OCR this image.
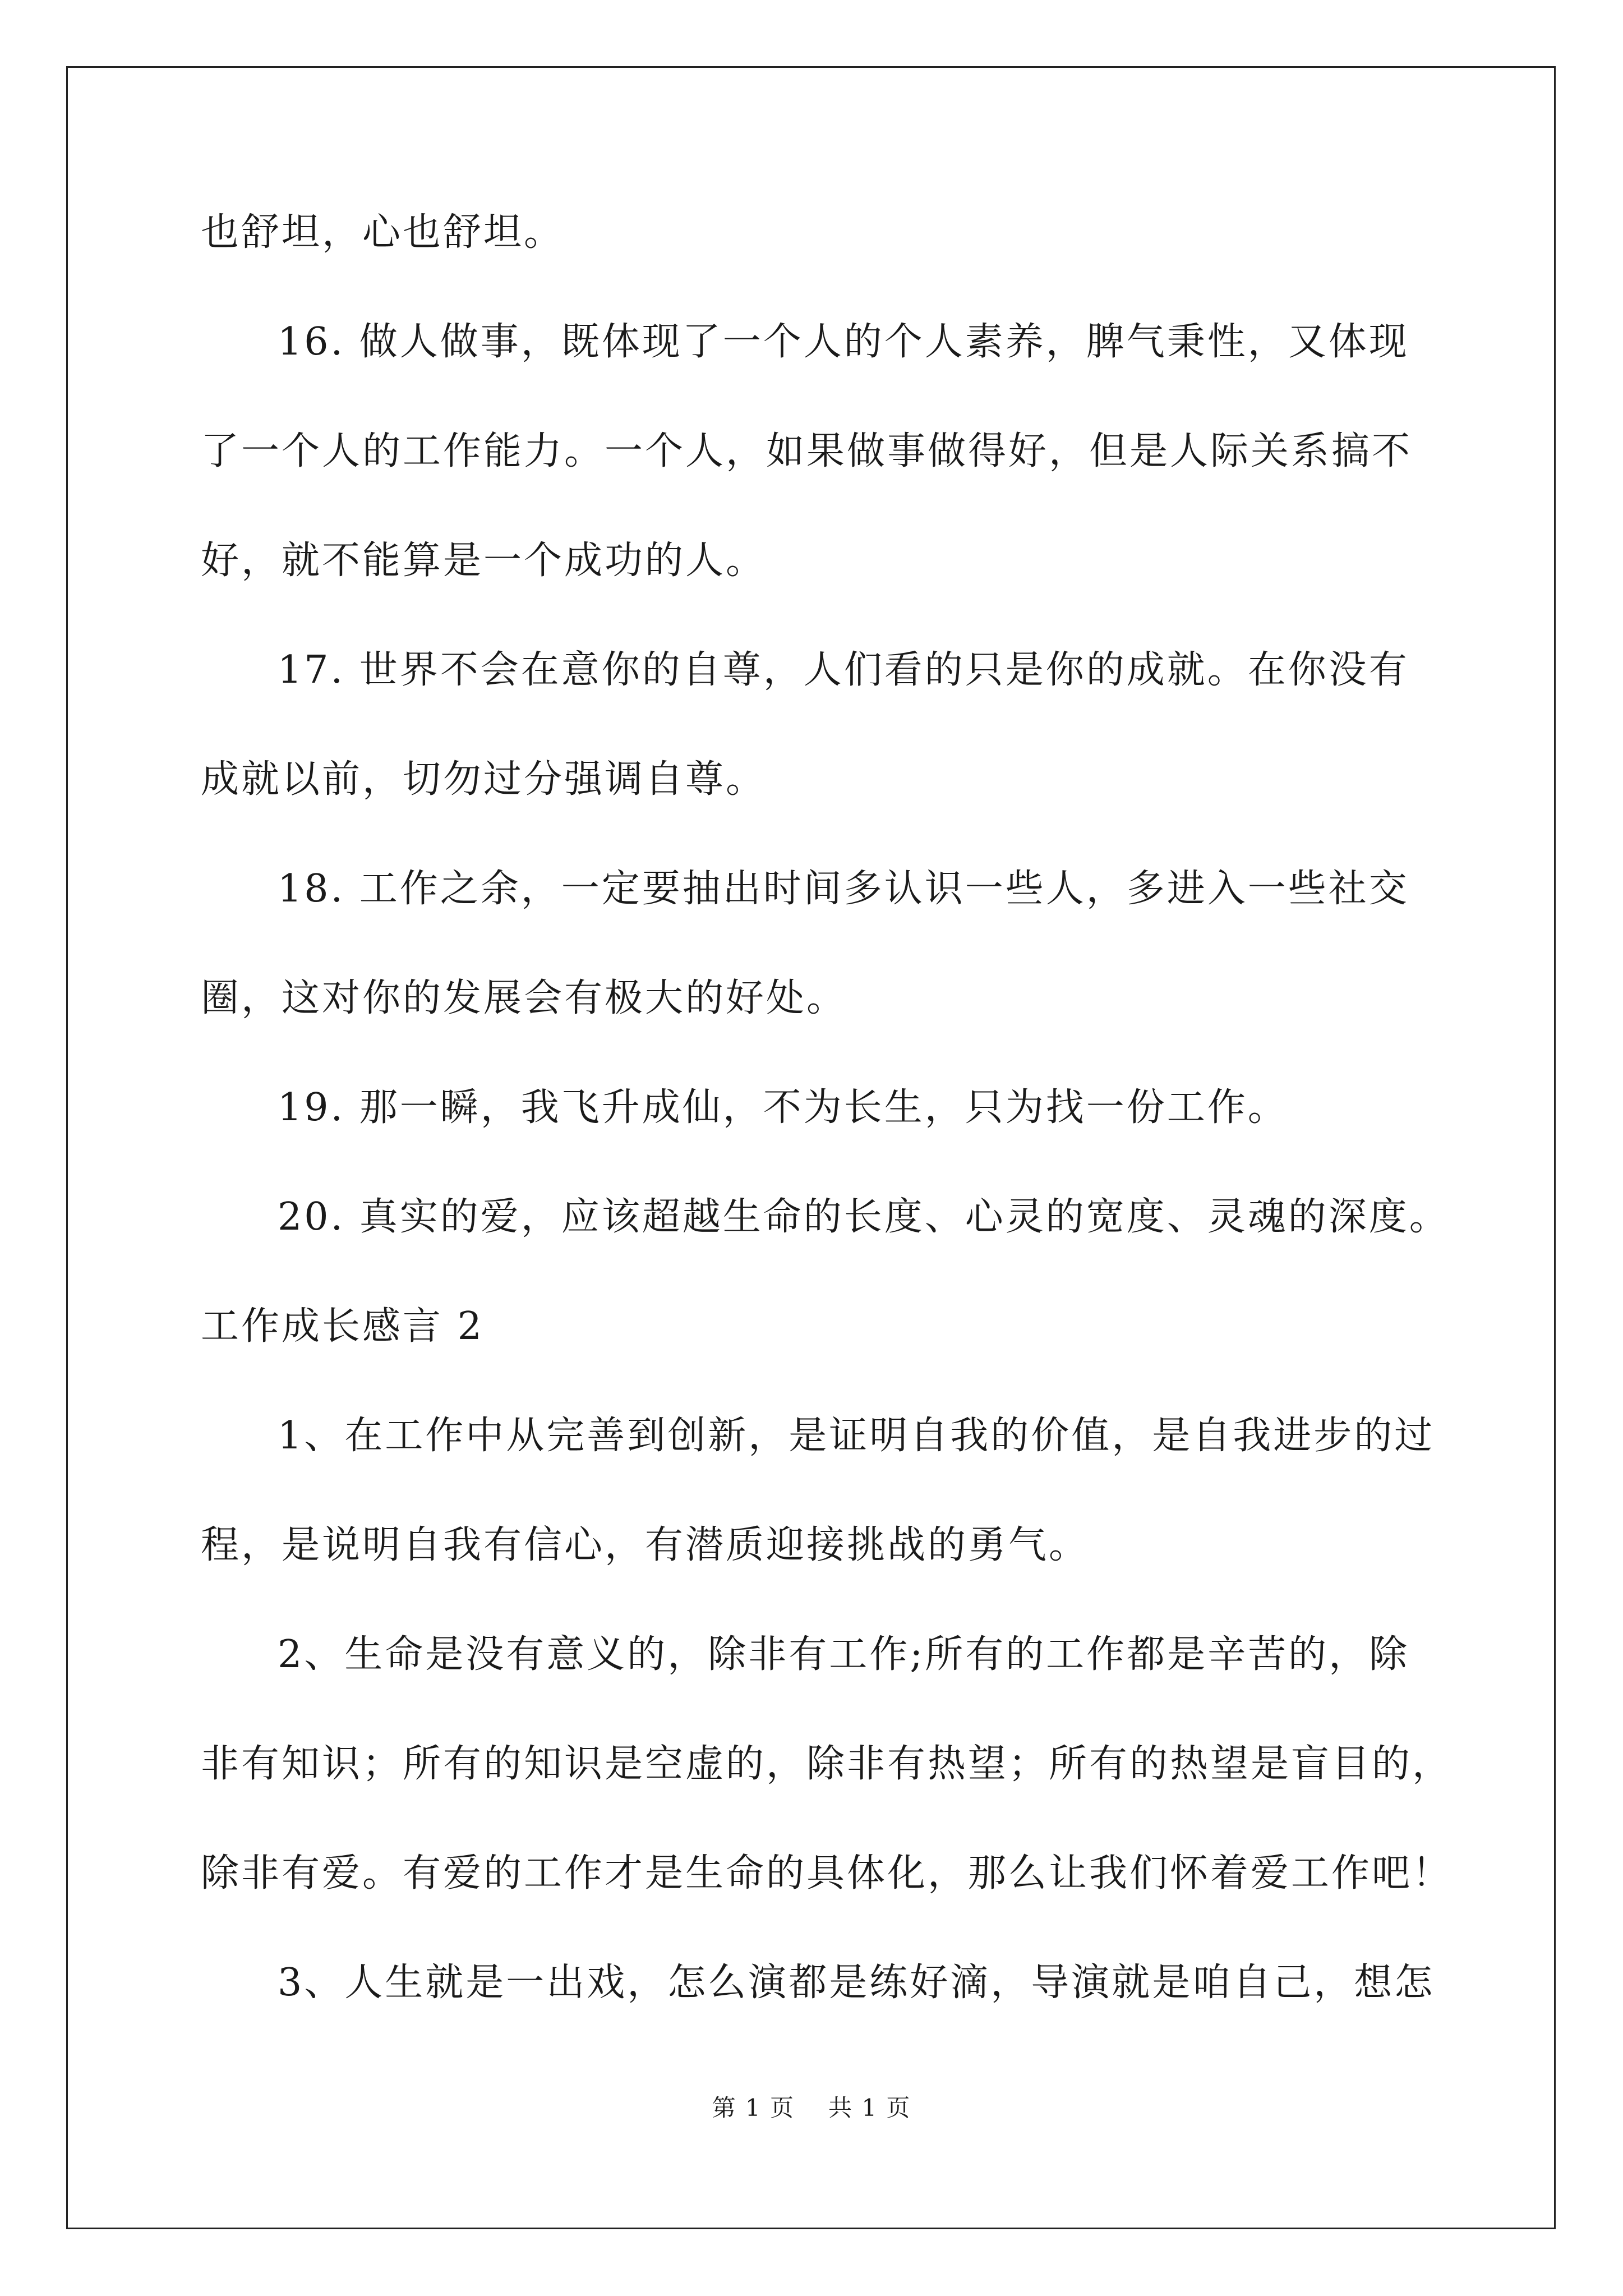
也舒坦，心也舒坦。
16. 做人做事，既体现了一个人的个人素养，脾气秉性，又体现
了一个人的工作能力。一个人，如果做事做得好，但是人际关系搞不
好，就不能算是一个成功的人。
17. 世界不会在意你的自尊，人们看的只是你的成就。在你没有
成就以前，切勿过分强调自尊。
18. 工作之余，一定要抽出时间多认识一些人，多进入一些社交
圈，这对你的发展会有极大的好处。
19. 那一瞬，我飞升成仙，不为长生，只为找一份工作。
20. 真实的爱，应该超越生命的长度、心灵的宽度、灵魂的深度。
工作成长感言 2
1、在工作中从完善到创新，是证明自我的价值，是自我进步的过
程，是说明自我有信心，有潜质迎接挑战的勇气。
2、生命是没有意义的，除非有工作;所有的工作都是辛苦的，除
非有知识；所有的知识是空虚的，除非有热望；所有的热望是盲目的，
除非有爱。有爱的工作才是生命的具体化，那么让我们怀着爱工作吧！
3、人生就是一出戏，怎么演都是练好滴，导演就是咱自己，想怎
第 1 页 共 1 页
